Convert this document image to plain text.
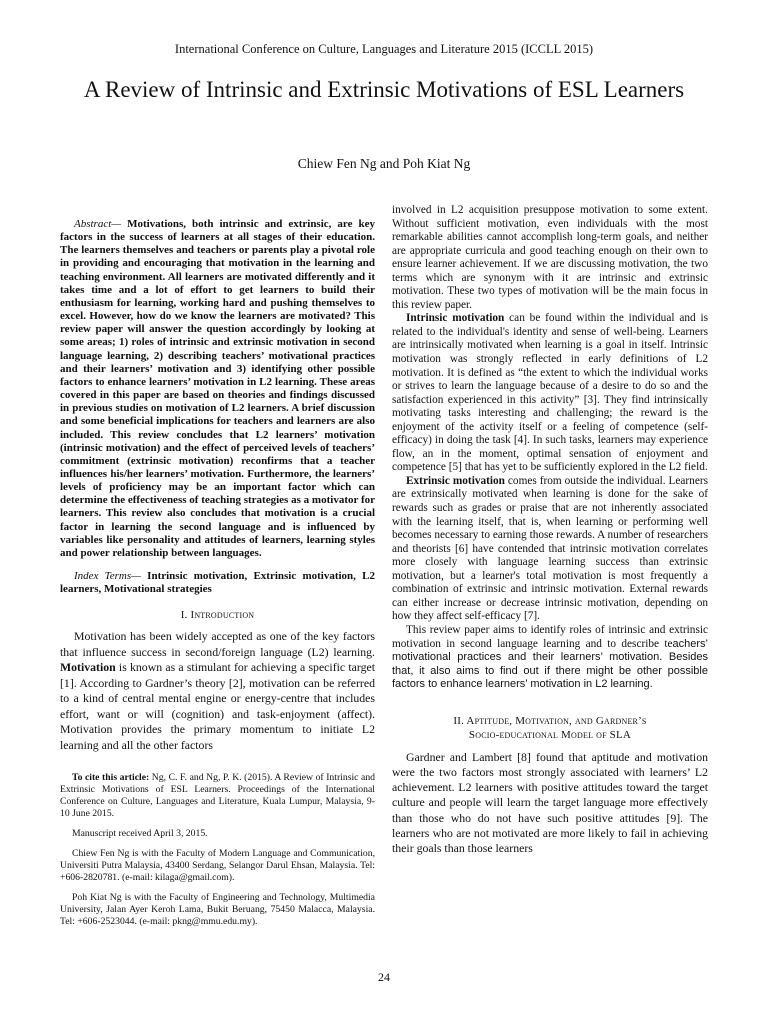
International Conference on Culture, Languages and Literature 2015 (ICCLL 2015)
A Review of Intrinsic and Extrinsic Motivations of ESL Learners
Chiew Fen Ng and Poh Kiat Ng

Abstract— Motivations, both intrinsic and extrinsic, are key factors in the success of learners at all stages of their education. The learners themselves and teachers or parents play a pivotal role in providing and encouraging that motivation in the learning and teaching environment. All learners are motivated differently and it takes time and a lot of effort to get learners to build their enthusiasm for learning, working hard and pushing themselves to excel. However, how do we know the learners are motivated? This review paper will answer the question accordingly by looking at some areas; 1) roles of intrinsic and extrinsic motivation in second language learning, 2) describing teachers’ motivational practices and their learners’ motivation and 3) identifying other possible factors to enhance learners’ motivation in L2 learning. These areas covered in this paper are based on theories and findings discussed in previous studies on motivation of L2 learners. A brief discussion and some beneficial implications for teachers and learners are also included. This review concludes that L2 learners’ motivation (intrinsic motivation) and the effect of perceived levels of teachers’ commitment (extrinsic motivation) reconfirms that a teacher influences his/her learners’ motivation. Furthermore, the learners’ levels of proficiency may be an important factor which can determine the effectiveness of teaching strategies as a motivator for learners. This review also concludes that motivation is a crucial factor in learning the second language and is influenced by variables like personality and attitudes of learners, learning styles and power relationship between languages.

Index Terms— Intrinsic motivation, Extrinsic motivation, L2 learners, Motivational strategies

I. Introduction

Motivation has been widely accepted as one of the key factors that influence success in second/foreign language (L2) learning. Motivation is known as a stimulant for achieving a specific target [1]. According to Gardner’s theory [2], motivation can be referred to a kind of central mental engine or energy-centre that includes effort, want or will (cognition) and task-enjoyment (affect). Motivation provides the primary momentum to initiate L2 learning and all the other factors

To cite this article: Ng, C. F. and Ng, P. K. (2015). A Review of Intrinsic and Extrinsic Motivations of ESL Learners. Proceedings of the International Conference on Culture, Languages and Literature, Kuala Lumpur, Malaysia, 9-10 June 2015.

Manuscript received April 3, 2015.

Chiew Fen Ng is with the Faculty of Modern Language and Communication, Universiti Putra Malaysia, 43400 Serdang, Selangor Darul Ehsan, Malaysia. Tel: +606-2820781. (e-mail: kilaga@gmail.com).

Poh Kiat Ng is with the Faculty of Engineering and Technology, Multimedia University, Jalan Ayer Keroh Lama, Bukit Beruang, 75450 Malacca, Malaysia. Tel: +606-2523044. (e-mail: pkng@mmu.edu.my).

involved in L2 acquisition presuppose motivation to some extent. Without sufficient motivation, even individuals with the most remarkable abilities cannot accomplish long-term goals, and neither are appropriate curricula and good teaching enough on their own to ensure learner achievement. If we are discussing motivation, the two terms which are synonym with it are intrinsic and extrinsic motivation. These two types of motivation will be the main focus in this review paper.

Intrinsic motivation can be found within the individual and is related to the individual's identity and sense of well-being. Learners are intrinsically motivated when learning is a goal in itself. Intrinsic motivation was strongly reflected in early definitions of L2 motivation. It is defined as “the extent to which the individual works or strives to learn the language because of a desire to do so and the satisfaction experienced in this activity” [3]. They find intrinsically motivating tasks interesting and challenging; the reward is the enjoyment of the activity itself or a feeling of competence (self-efficacy) in doing the task [4]. In such tasks, learners may experience flow, an in the moment, optimal sensation of enjoyment and competence [5] that has yet to be sufficiently explored in the L2 field.

Extrinsic motivation comes from outside the individual. Learners are extrinsically motivated when learning is done for the sake of rewards such as grades or praise that are not inherently associated with the learning itself, that is, when learning or performing well becomes necessary to earning those rewards. A number of researchers and theorists [6] have contended that intrinsic motivation correlates more closely with language learning success than extrinsic motivation, but a learner's total motivation is most frequently a combination of extrinsic and intrinsic motivation. External rewards can either increase or decrease intrinsic motivation, depending on how they affect self-efficacy [7].

This review paper aims to identify roles of intrinsic and extrinsic motivation in second language learning and to describe teachers’ motivational practices and their learners’ motivation. Besides that, it also aims to find out if there might be other possible factors to enhance learners’ motivation in L2 learning.

II. Aptitude, Motivation, and Gardner’s
Socio-educational Model of SLA

Gardner and Lambert [8] found that aptitude and motivation were the two factors most strongly associated with learners’ L2 achievement. L2 learners with positive attitudes toward the target culture and people will learn the target language more effectively than those who do not have such positive attitudes [9]. The learners who are not motivated are more likely to fail in achieving their goals than those learners

24
